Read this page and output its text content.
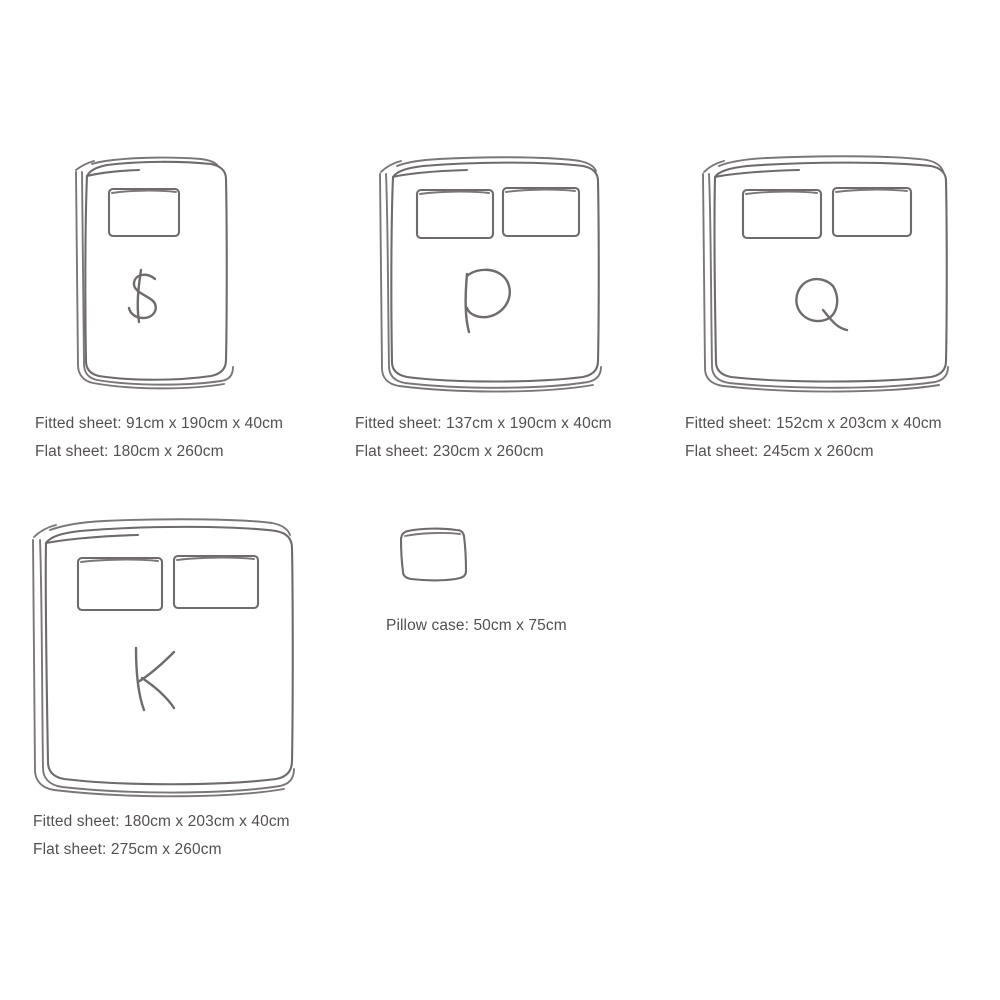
Fitted sheet: 91cm x 190cm x 40cm
Flat sheet: 180cm x 260cm
Fitted sheet: 137cm x 190cm x 40cm
Flat sheet: 230cm x 260cm
Fitted sheet: 152cm x 203cm x 40cm
Flat sheet: 245cm x 260cm
Fitted sheet: 180cm x 203cm x 40cm
Flat sheet: 275cm x 260cm
Pillow case: 50cm x 75cm
